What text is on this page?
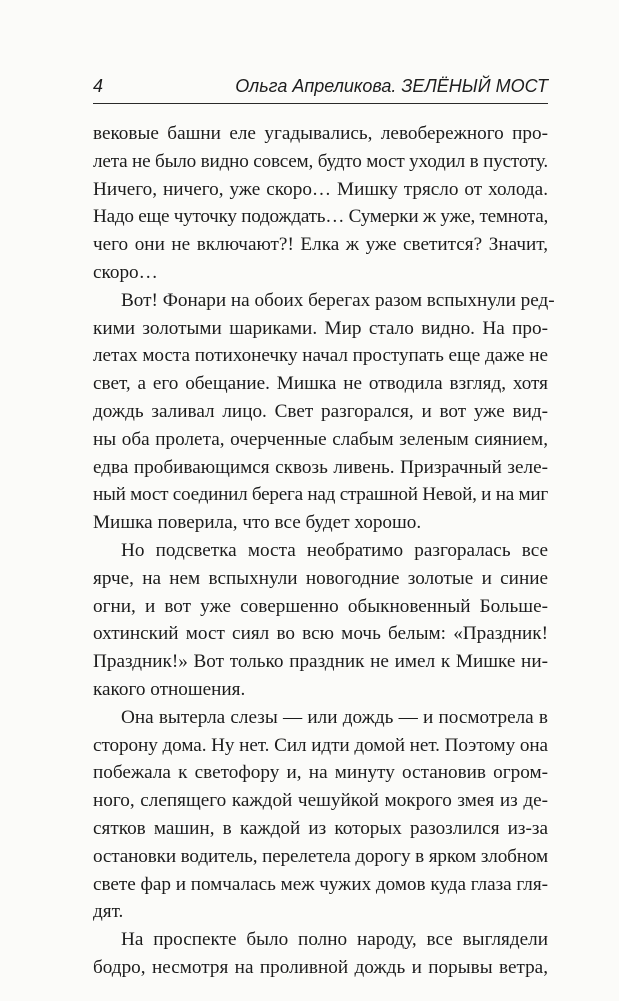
4	Ольга Апреликова. ЗЕЛЁНЫЙ МОСТ

вековые башни еле угадывались, левобережного про-
лета не было видно совсем, будто мост уходил в пустоту.
Ничего, ничего, уже скоро… Мишку трясло от холода.
Надо еще чуточку подождать… Сумерки ж уже, темнота,
чего они не включают?! Елка ж уже светится? Значит,
скоро…

Вот! Фонари на обоих берегах разом вспыхнули ред-
кими золотыми шариками. Мир стало видно. На про-
летах моста потихонечку начал проступать еще даже не
свет, а его обещание. Мишка не отводила взгляд, хотя
дождь заливал лицо. Свет разгорался, и вот уже вид-
ны оба пролета, очерченные слабым зеленым сиянием,
едва пробивающимся сквозь ливень. Призрачный зеле-
ный мост соединил берега над страшной Невой, и на миг
Мишка поверила, что все будет хорошо.

Но подсветка моста необратимо разгоралась все
ярче, на нем вспыхнули новогодние золотые и синие
огни, и вот уже совершенно обыкновенный Больше-
охтинский мост сиял во всю мочь белым: «Праздник!
Праздник!» Вот только праздник не имел к Мишке ни-
какого отношения.

Она вытерла слезы — или дождь — и посмотрела в
сторону дома. Ну нет. Сил идти домой нет. Поэтому она
побежала к светофору и, на минуту остановив огром-
ного, слепящего каждой чешуйкой мокрого змея из де-
сятков машин, в каждой из которых разозлился из-за
остановки водитель, перелетела дорогу в ярком злобном
свете фар и помчалась меж чужих домов куда глаза гля-
дят.

На проспекте было полно народу, все выглядели
бодро, несмотря на проливной дождь и порывы ветра,
